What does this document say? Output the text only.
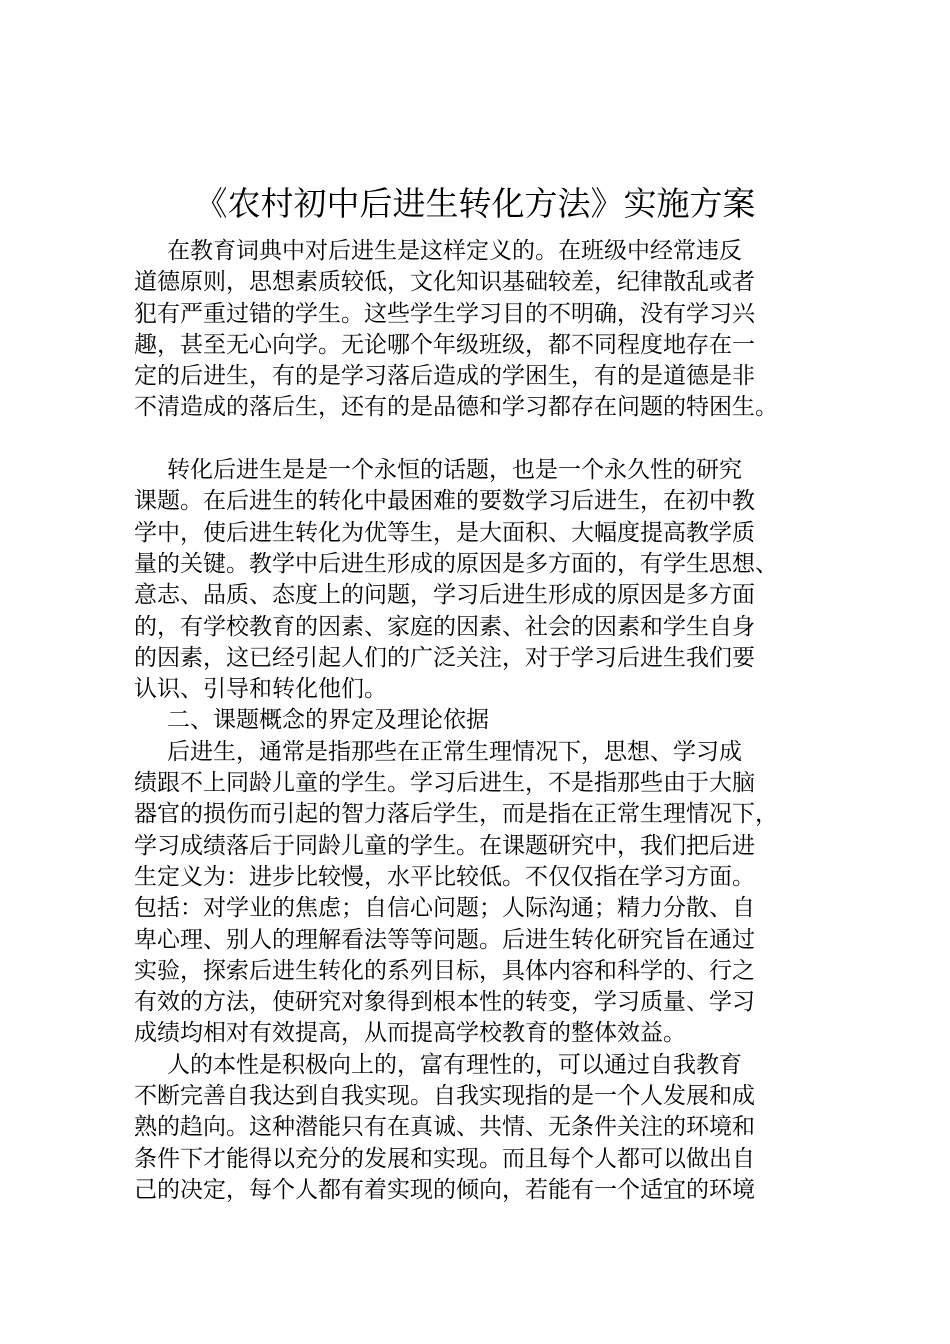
《农村初中后进生转化方法》实施方案
在教育词典中对后进生是这样定义的。在班级中经常违反
道德原则，思想素质较低，文化知识基础较差，纪律散乱或者
犯有严重过错的学生。这些学生学习目的不明确，没有学习兴
趣，甚至无心向学。无论哪个年级班级，都不同程度地存在一
定的后进生，有的是学习落后造成的学困生，有的是道德是非
不清造成的落后生，还有的是品德和学习都存在问题的特困生。
转化后进生是是一个永恒的话题，也是一个永久性的研究
课题。在后进生的转化中最困难的要数学习后进生，在初中教
学中，使后进生转化为优等生，是大面积、大幅度提高教学质
量的关键。教学中后进生形成的原因是多方面的，有学生思想、
意志、品质、态度上的问题，学习后进生形成的原因是多方面
的，有学校教育的因素、家庭的因素、社会的因素和学生自身
的因素，这已经引起人们的广泛关注，对于学习后进生我们要
认识、引导和转化他们。
二、课题概念的界定及理论依据
后进生，通常是指那些在正常生理情况下，思想、学习成
绩跟不上同龄儿童的学生。学习后进生，不是指那些由于大脑
器官的损伤而引起的智力落后学生，而是指在正常生理情况下，
学习成绩落后于同龄儿童的学生。在课题研究中，我们把后进
生定义为：进步比较慢，水平比较低。不仅仅指在学习方面。
包括：对学业的焦虑；自信心问题；人际沟通；精力分散、自
卑心理、别人的理解看法等等问题。后进生转化研究旨在通过
实验，探索后进生转化的系列目标，具体内容和科学的、行之
有效的方法，使研究对象得到根本性的转变，学习质量、学习
成绩均相对有效提高，从而提高学校教育的整体效益。
人的本性是积极向上的，富有理性的，可以通过自我教育
不断完善自我达到自我实现。自我实现指的是一个人发展和成
熟的趋向。这种潜能只有在真诚、共情、无条件关注的环境和
条件下才能得以充分的发展和实现。而且每个人都可以做出自
己的决定，每个人都有着实现的倾向，若能有一个适宜的环境
